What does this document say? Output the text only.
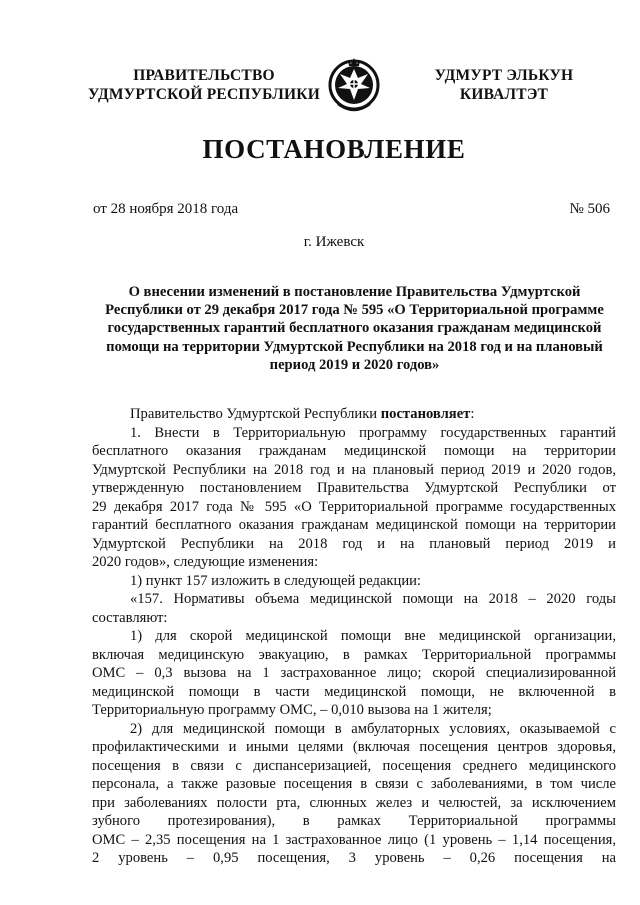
ПРАВИТЕЛЬСТВО
УДМУРТСКОЙ РЕСПУБЛИКИ
УДМУРТ ЭЛЬКУН
КИВАЛТЭТ
ПОСТАНОВЛЕНИЕ
от 28 ноября 2018 года	№ 506
г. Ижевск
О внесении изменений в постановление Правительства Удмуртской
Республики от 29 декабря 2017 года № 595 «О Территориальной программе
государственных гарантий бесплатного оказания гражданам медицинской
помощи на территории Удмуртской Республики на 2018 год и на плановый
период 2019 и 2020 годов»
Правительство Удмуртской Республики постановляет:
1. Внести в Территориальную программу государственных гарантий
бесплатного оказания гражданам медицинской помощи на территории
Удмуртской Республики на 2018 год и на плановый период 2019 и 2020 годов,
утвержденную постановлением Правительства Удмуртской Республики от
29 декабря 2017 года № 595 «О Территориальной программе государственных
гарантий бесплатного оказания гражданам медицинской помощи на территории
Удмуртской Республики на 2018 год и на плановый период 2019 и
2020 годов», следующие изменения:
1) пункт 157 изложить в следующей редакции:
«157. Нормативы объема медицинской помощи на 2018 – 2020 годы
составляют:
1) для скорой медицинской помощи вне медицинской организации,
включая медицинскую эвакуацию, в рамках Территориальной программы
ОМС – 0,3 вызова на 1 застрахованное лицо; скорой специализированной
медицинской помощи в части медицинской помощи, не включенной в
Территориальную программу ОМС, – 0,010 вызова на 1 жителя;
2) для медицинской помощи в амбулаторных условиях, оказываемой с
профилактическими и иными целями (включая посещения центров здоровья,
посещения в связи с диспансеризацией, посещения среднего медицинского
персонала, а также разовые посещения в связи с заболеваниями, в том числе
при заболеваниях полости рта, слюнных желез и челюстей, за исключением
зубного протезирования), в рамках Территориальной программы
ОМС – 2,35 посещения на 1 застрахованное лицо (1 уровень – 1,14 посещения,
2 уровень – 0,95 посещения, 3 уровень – 0,26 посещения на
